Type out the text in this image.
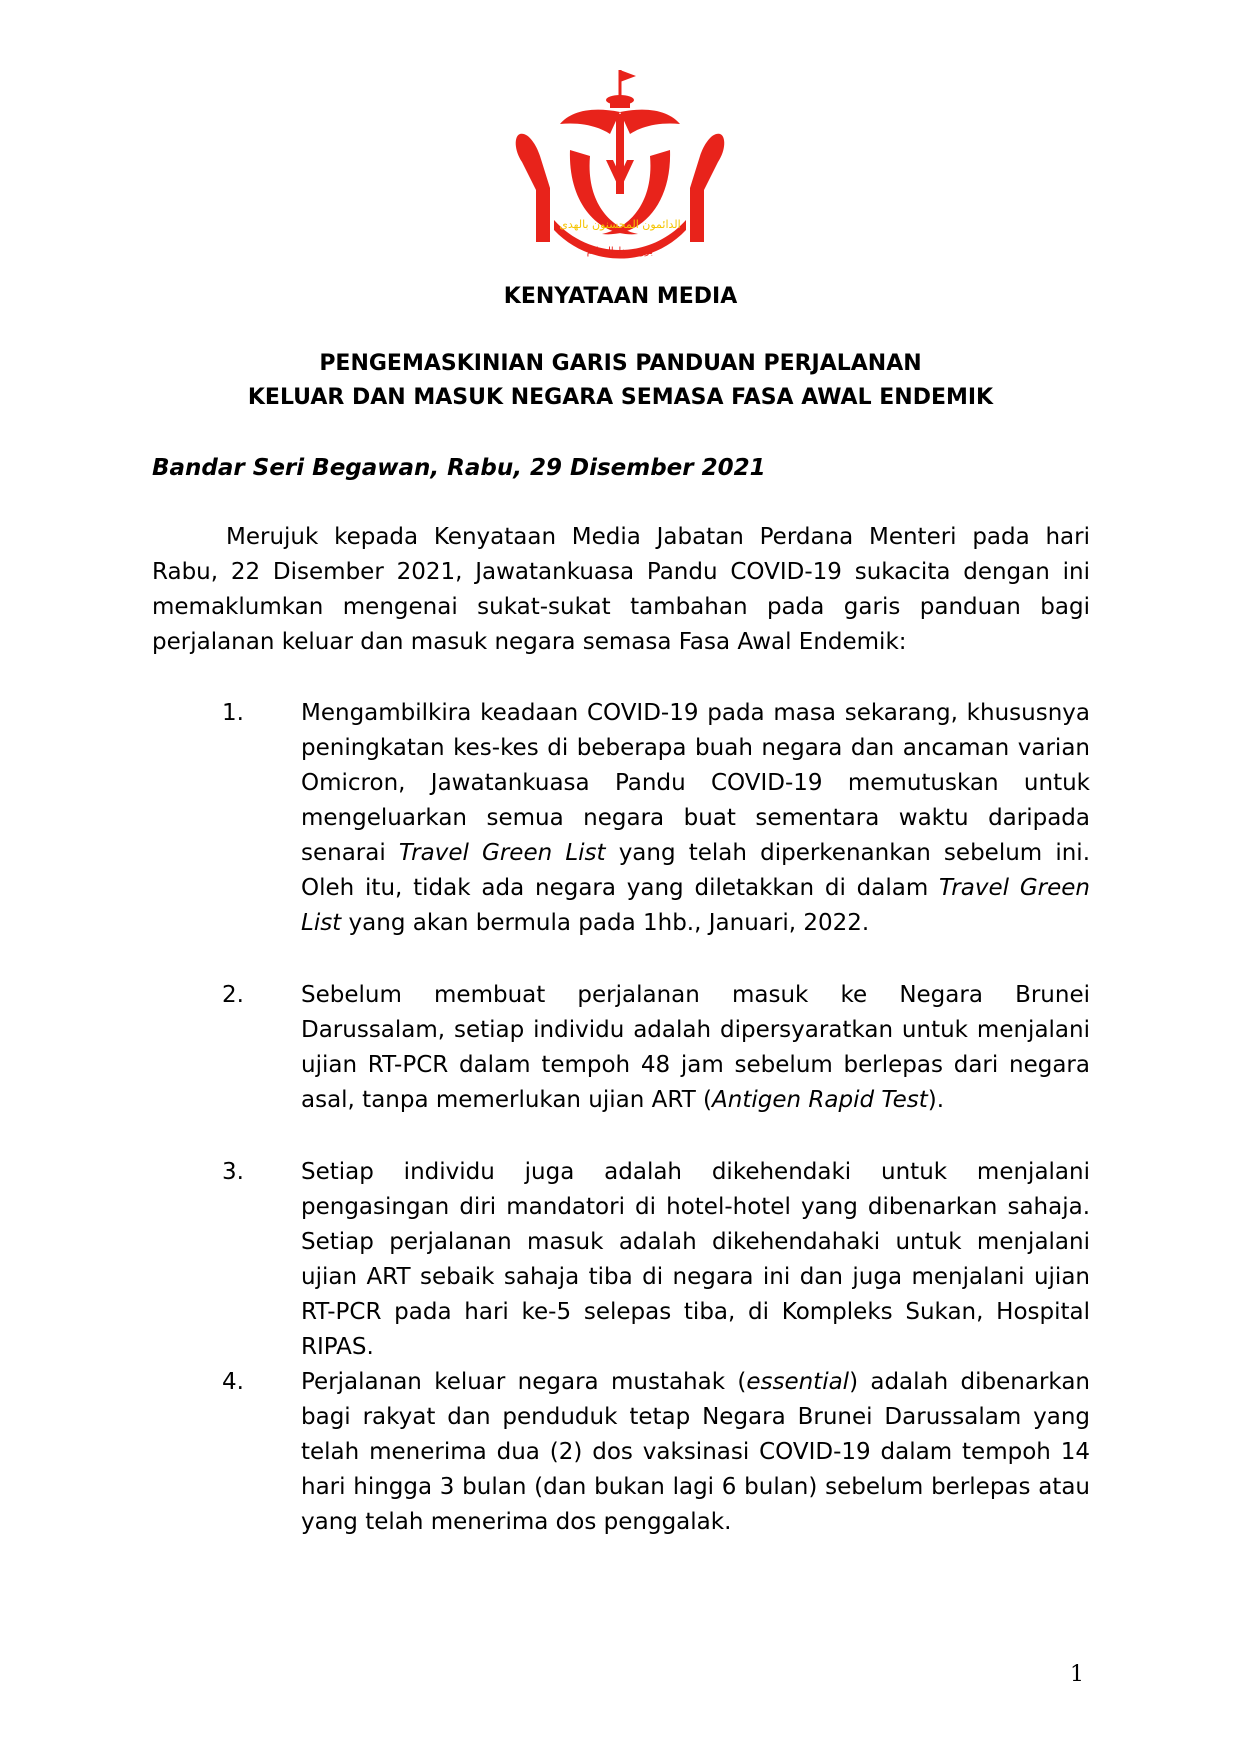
الدائمون المحسنون بالهدى
بروني دارالسلام
KENYATAAN MEDIA
PENGEMASKINIAN GARIS PANDUAN PERJALANAN
KELUAR DAN MASUK NEGARA SEMASA FASA AWAL ENDEMIK
Bandar Seri Begawan, Rabu, 29 Disember 2021

Merujuk kepada Kenyataan Media Jabatan Perdana Menteri pada hari Rabu, 22 Disember 2021, Jawatankuasa Pandu COVID-19 sukacita dengan ini memaklumkan mengenai sukat-sukat tambahan pada garis panduan bagi perjalanan keluar dan masuk negara semasa Fasa Awal Endemik:

1. Mengambilkira keadaan COVID-19 pada masa sekarang, khususnya peningkatan kes-kes di beberapa buah negara dan ancaman varian Omicron, Jawatankuasa Pandu COVID-19 memutuskan untuk mengeluarkan semua negara buat sementara waktu daripada senarai Travel Green List yang telah diperkenankan sebelum ini. Oleh itu, tidak ada negara yang diletakkan di dalam Travel Green List yang akan bermula pada 1hb., Januari, 2022.
2. Sebelum membuat perjalanan masuk ke Negara Brunei Darussalam, setiap individu adalah dipersyaratkan untuk menjalani ujian RT-PCR dalam tempoh 48 jam sebelum berlepas dari negara asal, tanpa memerlukan ujian ART (Antigen Rapid Test).
3. Setiap individu juga adalah dikehendaki untuk menjalani pengasingan diri mandatori di hotel-hotel yang dibenarkan sahaja. Setiap perjalanan masuk adalah dikehendahaki untuk menjalani ujian ART sebaik sahaja tiba di negara ini dan juga menjalani ujian RT-PCR pada hari ke-5 selepas tiba, di Kompleks Sukan, Hospital RIPAS.
4. Perjalanan keluar negara mustahak (essential) adalah dibenarkan bagi rakyat dan penduduk tetap Negara Brunei Darussalam yang telah menerima dua (2) dos vaksinasi COVID-19 dalam tempoh 14 hari hingga 3 bulan (dan bukan lagi 6 bulan) sebelum berlepas atau yang telah menerima dos penggalak.
1
